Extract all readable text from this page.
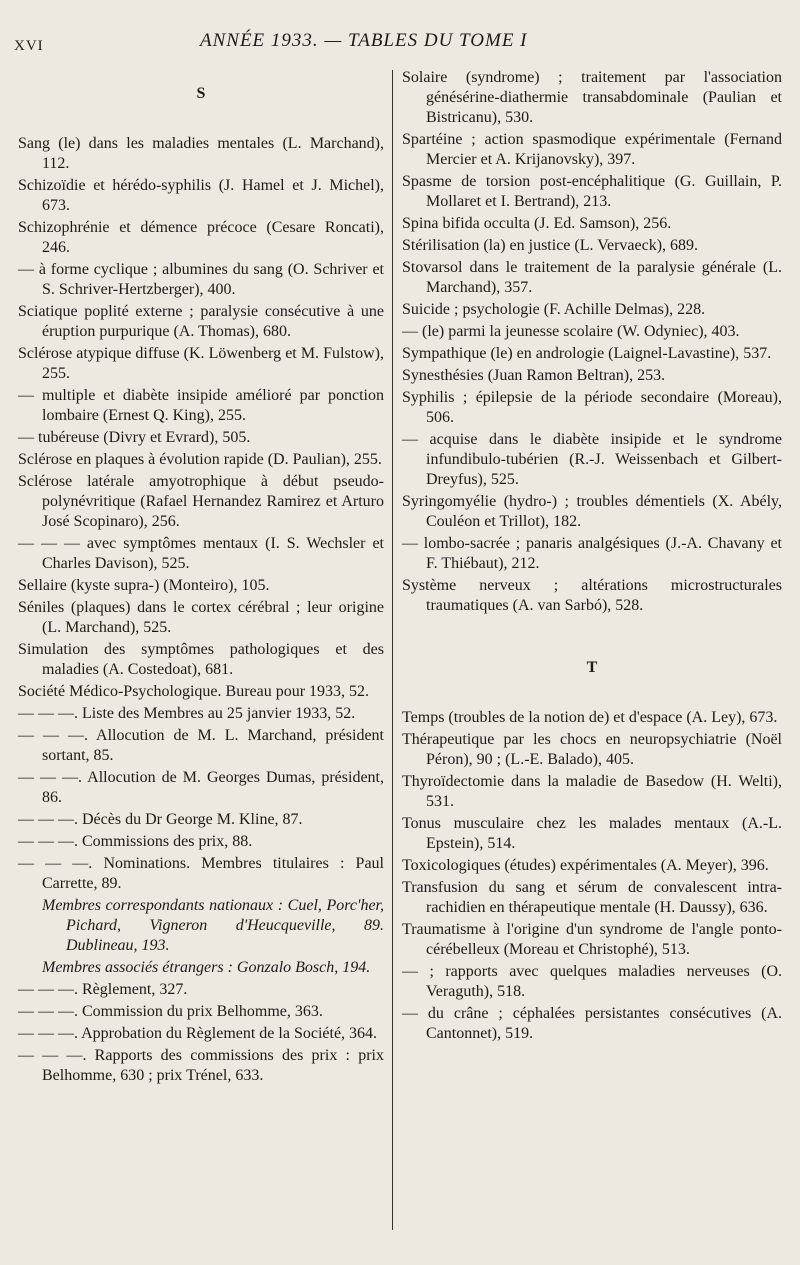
XVI	ANNÉE 1933. — TABLES DU TOME I
S

Sang (le) dans les maladies mentales (L. Marchand), 112.

Schizoïdie et hérédo-syphilis (J. Hamel et J. Michel), 673.

Schizophrénie et démence précoce (Cesare Roncati), 246.

— à forme cyclique ; albumines du sang (O. Schriver et S. Schriver-Hertzberger), 400.

Sciatique poplité externe ; paralysie consécutive à une éruption purpurique (A. Thomas), 680.

Sclérose atypique diffuse (K. Löwenberg et M. Fulstow), 255.

— multiple et diabète insipide amélioré par ponction lombaire (Ernest Q. King), 255.

— tubéreuse (Divry et Evrard), 505.

Sclérose en plaques à évolution rapide (D. Paulian), 255.

Sclérose latérale amyotrophique à début pseudo-polynévritique (Rafael Hernandez Ramirez et Arturo José Scopinaro), 256.

— — — avec symptômes mentaux (I. S. Wechsler et Charles Davison), 525.

Sellaire (kyste supra-) (Monteiro), 105.

Séniles (plaques) dans le cortex cérébral ; leur origine (L. Marchand), 525.

Simulation des symptômes pathologiques et des maladies (A. Costedoat), 681.

Société Médico-Psychologique. Bureau pour 1933, 52.

— — —. Liste des Membres au 25 janvier 1933, 52.

— — —. Allocution de M. L. Marchand, président sortant, 85.

— — —. Allocution de M. Georges Dumas, président, 86.

— — —. Décès du Dr George M. Kline, 87.

— — —. Commissions des prix, 88.

— — —. Nominations. Membres titulaires : Paul Carrette, 89.

Membres correspondants nationaux : Cuel, Porc'her, Pichard, Vigneron d'Heucqueville, 89. Dublineau, 193.

Membres associés étrangers : Gonzalo Bosch, 194.

— — —. Règlement, 327.

— — —. Commission du prix Belhomme, 363.

— — —. Approbation du Règlement de la Société, 364.

— — —. Rapports des commissions des prix : prix Belhomme, 630 ; prix Trénel, 633.

Solaire (syndrome) ; traitement par l'association génésérine-diathermie transabdominale (Paulian et Bistricanu), 530.

Spartéine ; action spasmodique expérimentale (Fernand Mercier et A. Krijanovsky), 397.

Spasme de torsion post-encéphalitique (G. Guillain, P. Mollaret et I. Bertrand), 213.

Spina bifida occulta (J. Ed. Samson), 256.

Stérilisation (la) en justice (L. Vervaeck), 689.

Stovarsol dans le traitement de la paralysie générale (L. Marchand), 357.

Suicide ; psychologie (F. Achille Delmas), 228.

— (le) parmi la jeunesse scolaire (W. Odyniec), 403.

Sympathique (le) en andrologie (Laignel-Lavastine), 537.

Synesthésies (Juan Ramon Beltran), 253.

Syphilis ; épilepsie de la période secondaire (Moreau), 506.

— acquise dans le diabète insipide et le syndrome infundibulo-tubérien (R.-J. Weissenbach et Gilbert-Dreyfus), 525.

Syringomyélie (hydro-) ; troubles démentiels (X. Abély, Couléon et Trillot), 182.

— lombo-sacrée ; panaris analgésiques (J.-A. Chavany et F. Thiébaut), 212.

Système nerveux ; altérations microstructurales traumatiques (A. van Sarbó), 528.

T

Temps (troubles de la notion de) et d'espace (A. Ley), 673.

Thérapeutique par les chocs en neuropsychiatrie (Noël Péron), 90 ; (L.-E. Balado), 405.

Thyroïdectomie dans la maladie de Basedow (H. Welti), 531.

Tonus musculaire chez les malades mentaux (A.-L. Epstein), 514.

Toxicologiques (études) expérimentales (A. Meyer), 396.

Transfusion du sang et sérum de convalescent intra-rachidien en thérapeutique mentale (H. Daussy), 636.

Traumatisme à l'origine d'un syndrome de l'angle ponto-cérébelleux (Moreau et Christophé), 513.

— ; rapports avec quelques maladies nerveuses (O. Veraguth), 518.

— du crâne ; céphalées persistantes consécutives (A. Cantonnet), 519.
